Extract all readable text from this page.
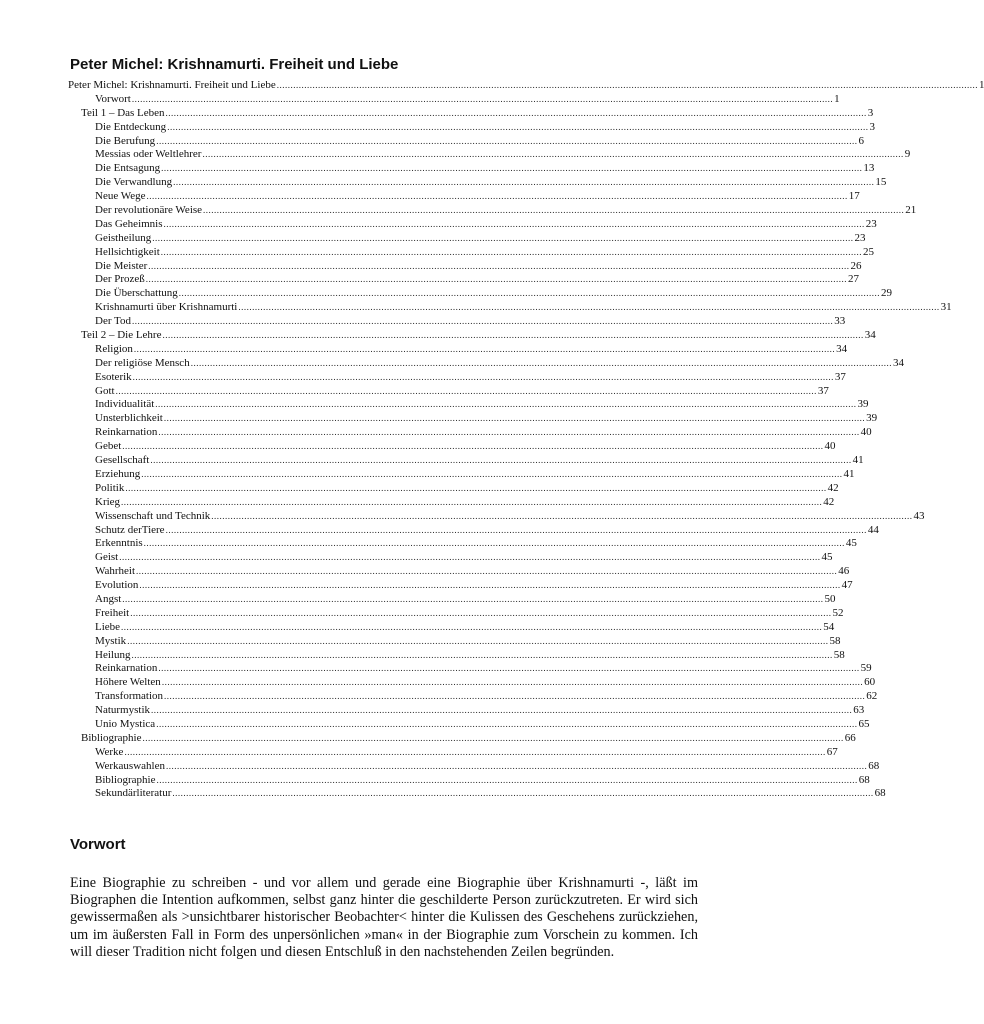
Peter Michel: Krishnamurti. Freiheit und Liebe
Peter Michel: Krishnamurti. Freiheit und Liebe ............................................................................................................................................................................................................................................................... 1
Vorwort ............................................................................................................................................................................................................................................................... 1
Teil 1 – Das Leben ............................................................................................................................................................................................................................................................... 3
Die Entdeckung ............................................................................................................................................................................................................................................................... 3
Die Berufung ............................................................................................................................................................................................................................................................... 6
Messias oder Weltlehrer ............................................................................................................................................................................................................................................................... 9
Die Entsagung ............................................................................................................................................................................................................................................................... 13
Die Verwandlung ............................................................................................................................................................................................................................................................... 15
Neue Wege ............................................................................................................................................................................................................................................................... 17
Der revolutionäre Weise ............................................................................................................................................................................................................................................................... 21
Das Geheimnis ............................................................................................................................................................................................................................................................... 23
Geistheilung ............................................................................................................................................................................................................................................................... 23
Hellsichtigkeit ............................................................................................................................................................................................................................................................... 25
Die Meister ............................................................................................................................................................................................................................................................... 26
Der Prozeß ............................................................................................................................................................................................................................................................... 27
Die Überschattung ............................................................................................................................................................................................................................................................... 29
Krishnamurti über Krishnamurti ............................................................................................................................................................................................................................................................... 31
Der Tod ............................................................................................................................................................................................................................................................... 33
Teil 2 – Die Lehre ............................................................................................................................................................................................................................................................... 34
Religion ............................................................................................................................................................................................................................................................... 34
Der religiöse Mensch ............................................................................................................................................................................................................................................................... 34
Esoterik ............................................................................................................................................................................................................................................................... 37
Gott ............................................................................................................................................................................................................................................................... 37
Individualität ............................................................................................................................................................................................................................................................... 39
Unsterblichkeit ............................................................................................................................................................................................................................................................... 39
Reinkarnation ............................................................................................................................................................................................................................................................... 40
Gebet ............................................................................................................................................................................................................................................................... 40
Gesellschaft ............................................................................................................................................................................................................................................................... 41
Erziehung ............................................................................................................................................................................................................................................................... 41
Politik ............................................................................................................................................................................................................................................................... 42
Krieg ............................................................................................................................................................................................................................................................... 42
Wissenschaft und Technik ............................................................................................................................................................................................................................................................... 43
Schutz derTiere ............................................................................................................................................................................................................................................................... 44
Erkenntnis ............................................................................................................................................................................................................................................................... 45
Geist ............................................................................................................................................................................................................................................................... 45
Wahrheit ............................................................................................................................................................................................................................................................... 46
Evolution ............................................................................................................................................................................................................................................................... 47
Angst ............................................................................................................................................................................................................................................................... 50
Freiheit ............................................................................................................................................................................................................................................................... 52
Liebe ............................................................................................................................................................................................................................................................... 54
Mystik ............................................................................................................................................................................................................................................................... 58
Heilung ............................................................................................................................................................................................................................................................... 58
Reinkarnation ............................................................................................................................................................................................................................................................... 59
Höhere Welten ............................................................................................................................................................................................................................................................... 60
Transformation ............................................................................................................................................................................................................................................................... 62
Naturmystik ............................................................................................................................................................................................................................................................... 63
Unio Mystica ............................................................................................................................................................................................................................................................... 65
Bibliographie ............................................................................................................................................................................................................................................................... 66
Werke ............................................................................................................................................................................................................................................................... 67
Werkauswahlen ............................................................................................................................................................................................................................................................... 68
Bibliographie ............................................................................................................................................................................................................................................................... 68
Sekundärliteratur ............................................................................................................................................................................................................................................................... 68
Vorwort
Eine Biographie zu schreiben - und vor allem und gerade eine Biographie über Krishnamurti -, läßt im Biographen die Intention aufkommen, selbst ganz hinter die geschilderte Person zurückzutreten. Er wird sich gewissermaßen als >unsichtbarer historischer Beobachter< hinter die Kulissen des Geschehens zurückziehen, um im äußersten Fall in Form des unpersönlichen »man« in der Biographie zum Vorschein zu kommen. Ich will dieser Tradition nicht folgen und diesen Entschluß in den nachstehenden Zeilen begründen.
